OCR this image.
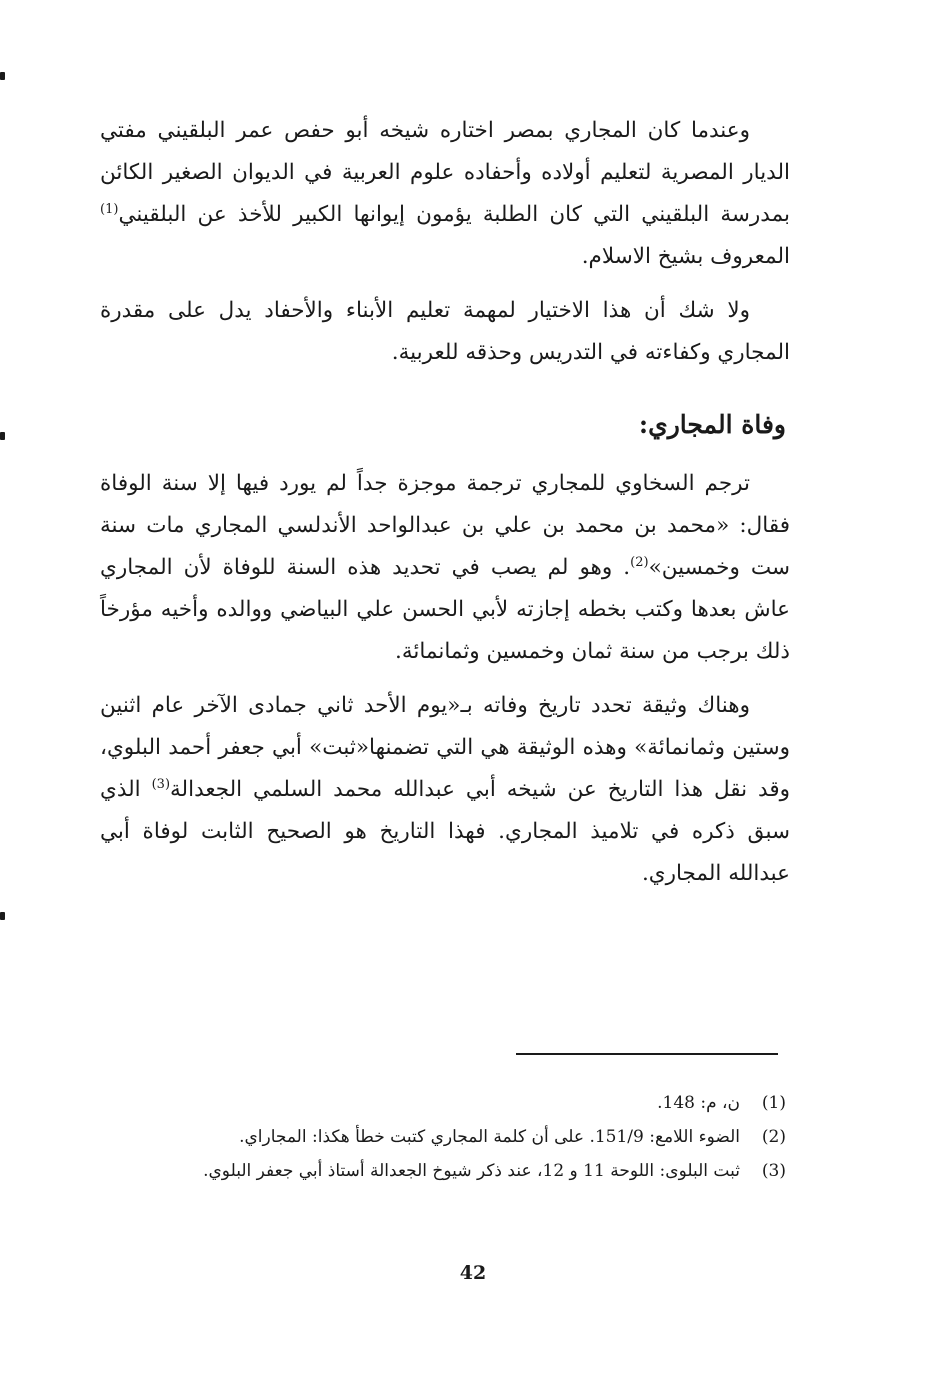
وعندما كان المجاري بمصر اختاره شيخه أبو حفص عمر البلقيني مفتي الديار المصرية لتعليم أولاده وأحفاده علوم العربية في الديوان الصغير الكائن بمدرسة البلقيني التي كان الطلبة يؤمون إيوانها الكبير للأخذ عن البلقيني$^{(1)}$ المعروف بشيخ الاسلام.

ولا شك أن هذا الاختيار لمهمة تعليم الأبناء والأحفاد يدل على مقدرة المجاري وكفاءته في التدريس وحذقه للعربية.

وفاة المجاري:

ترجم السخاوي للمجاري ترجمة موجزة جداً لم يورد فيها إلا سنة الوفاة فقال: «محمد بن محمد بن علي بن عبدالواحد الأندلسي المجاري مات سنة ست وخمسين»$^{(2)}$. وهو لم يصب في تحديد هذه السنة للوفاة لأن المجاري عاش بعدها وكتب بخطه إجازته لأبي الحسن علي البياضي ووالده وأخيه مؤرخاً ذلك برجب من سنة ثمان وخمسين وثمانمائة.

وهناك وثيقة تحدد تاريخ وفاته بـ«يوم الأحد ثاني جمادى الآخر عام اثنين وستين وثمانمائة» وهذه الوثيقة هي التي تضمنها«ثبت» أبي جعفر أحمد البلوي، وقد نقل هذا التاريخ عن شيخه أبي عبدالله محمد السلمي الجعدالة$^{(3)}$ الذي سبق ذكره في تلاميذ المجاري. فهذا التاريخ هو الصحيح الثابت لوفاة أبي عبدالله المجاري.

(1)
ن، م: 148.
(2)
الضوء اللامع: 151/9. على أن كلمة المجاري كتبت خطأ هكذا: المجاراي.
(3)
ثبت البلوى: اللوحة 11 و 12، عند ذكر شيوخ الجعدالة أستاذ أبي جعفر البلوي.
42
